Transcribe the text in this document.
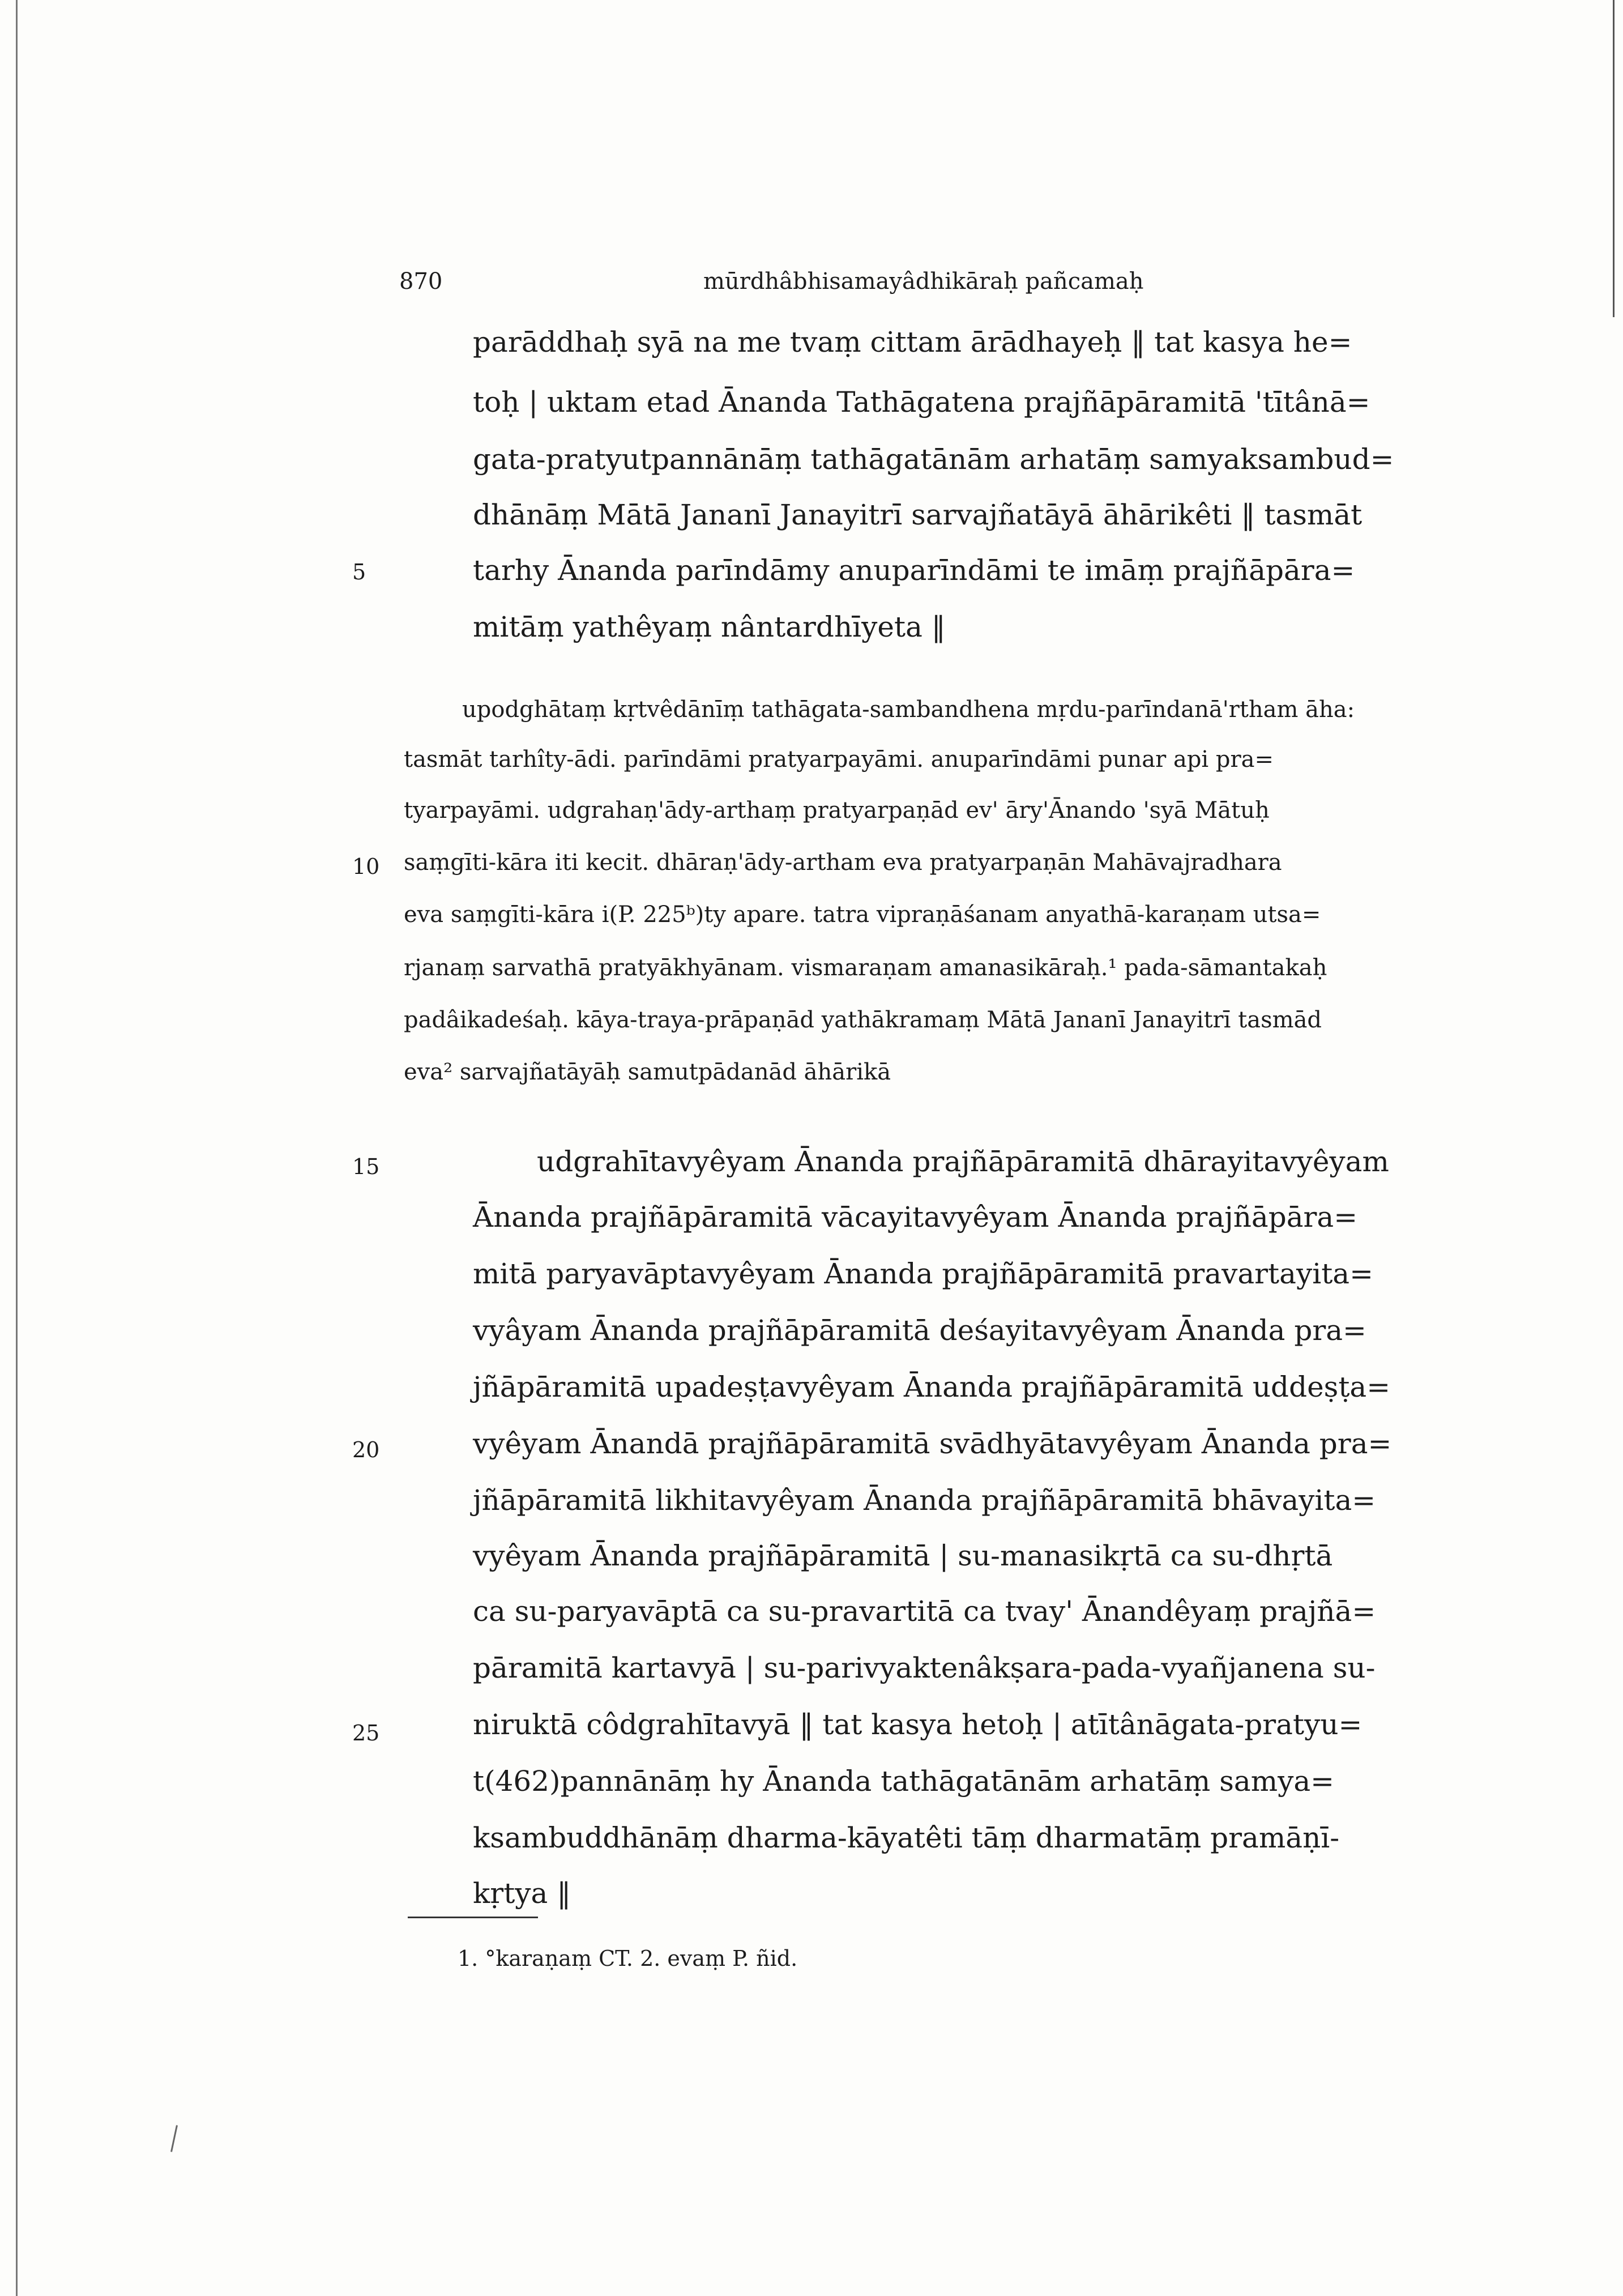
870	mūrdhâbhisamayâdhikāraḥ pañcamaḥ
5
10
15
20
25
parāddhaḥ syā na me tvaṃ cittam ārādhayeḥ ‖ tat kasya he=
toḥ | uktam etad Ānanda Tathāgatena prajñāpāramitā 'tītânā=
gata-pratyutpannānāṃ tathāgatānām arhatāṃ samyaksambud=
dhānāṃ Mātā Jananī Janayitrī sarvajñatāyā āhārikêti ‖ tasmāt
tarhy Ānanda parīndāmy anuparīndāmi te imāṃ prajñāpāra=
mitāṃ yathêyaṃ nântardhīyeta ‖
upodghātaṃ kṛtvêdānīṃ tathāgata-sambandhena mṛdu-parīndanā'rtham āha:
tasmāt tarhîty-ādi. parīndāmi pratyarpayāmi. anuparīndāmi punar api pra=
tyarpayāmi. udgrahaṇ'ādy-arthaṃ pratyarpaṇād ev' āry'Ānando 'syā Mātuḥ
saṃgīti-kāra iti kecit. dhāraṇ'ādy-artham eva pratyarpaṇān Mahāvajradhara
eva saṃgīti-kāra i(P. 225ᵇ)ty apare. tatra vipraṇāśanam anyathā-karaṇam utsa=
rjanaṃ sarvathā pratyākhyānam. vismaraṇam amanasikāraḥ.¹ pada-sāmantakaḥ
padâikadeśaḥ. kāya-traya-prāpaṇād yathākramaṃ Mātā Jananī Janayitrī tasmād
eva² sarvajñatāyāḥ samutpādanād āhārikā
udgrahītavyêyam Ānanda prajñāpāramitā dhārayitavyêyam
Ānanda prajñāpāramitā vācayitavyêyam Ānanda prajñāpāra=
mitā paryavāptavyêyam Ānanda prajñāpāramitā pravartayita=
vyâyam Ānanda prajñāpāramitā deśayitavyêyam Ānanda pra=
jñāpāramitā upadeṣṭavyêyam Ānanda prajñāpāramitā uddeṣṭa=
vyêyam Ānandā prajñāpāramitā svādhyātavyêyam Ānanda pra=
jñāpāramitā likhitavyêyam Ānanda prajñāpāramitā bhāvayita=
vyêyam Ānanda prajñāpāramitā | su-manasikṛtā ca su-dhṛtā
ca su-paryavāptā ca su-pravartitā ca tvay' Ānandêyaṃ prajñā=
pāramitā kartavyā | su-parivyaktenâkṣara-pada-vyañjanena su-
niruktā côdgrahītavyā ‖ tat kasya hetoḥ | atītânāgata-pratyu=
t(462)pannānāṃ hy Ānanda tathāgatānām arhatāṃ samya=
ksambuddhānāṃ dharma-kāyatêti tāṃ dharmatāṃ pramāṇī-
kṛtya ‖
1. °karaṇaṃ CT. 2. evaṃ P. ñid.
